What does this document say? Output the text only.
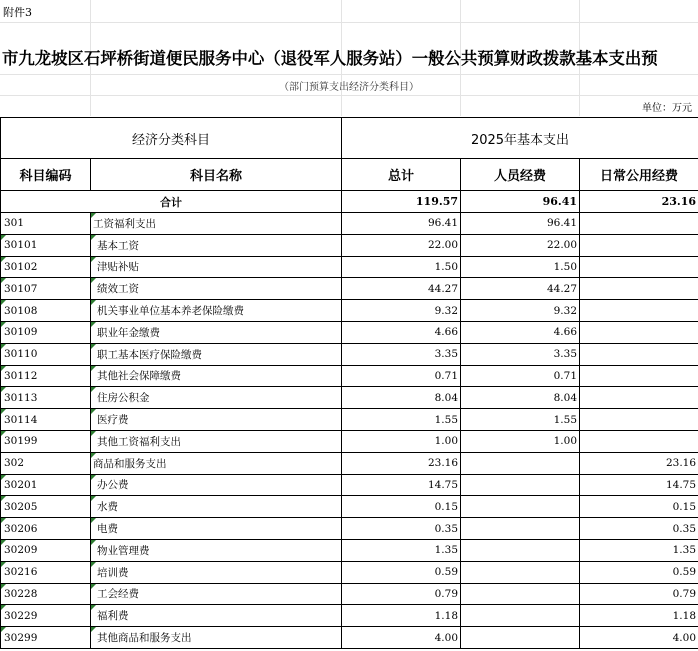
附件3
市九龙坡区石坪桥街道便民服务中心（退役军人服务站）一般公共预算财政拨款基本支出预
（部门预算支出经济分类科目）
单位：万元
经济分类科目		2025年基本支出		
科目编码	科目名称	总计	人员经费	日常公用经费
合计		119.57	96.41	23.16
301	工资福利支出	96.41	96.41	
30101	基本工资	22.00	22.00	
30102	津贴补贴	1.50	1.50	
30107	绩效工资	44.27	44.27	
30108	机关事业单位基本养老保险缴费	9.32	9.32	
30109	职业年金缴费	4.66	4.66	
30110	职工基本医疗保险缴费	3.35	3.35	
30112	其他社会保障缴费	0.71	0.71	
30113	住房公积金	8.04	8.04	
30114	医疗费	1.55	1.55	
30199	其他工资福利支出	1.00	1.00	
302	商品和服务支出	23.16		23.16
30201	办公费	14.75		14.75
30205	水费	0.15		0.15
30206	电费	0.35		0.35
30209	物业管理费	1.35		1.35
30216	培训费	0.59		0.59
30228	工会经费	0.79		0.79
30229	福利费	1.18		1.18
30299	其他商品和服务支出	4.00		4.00
